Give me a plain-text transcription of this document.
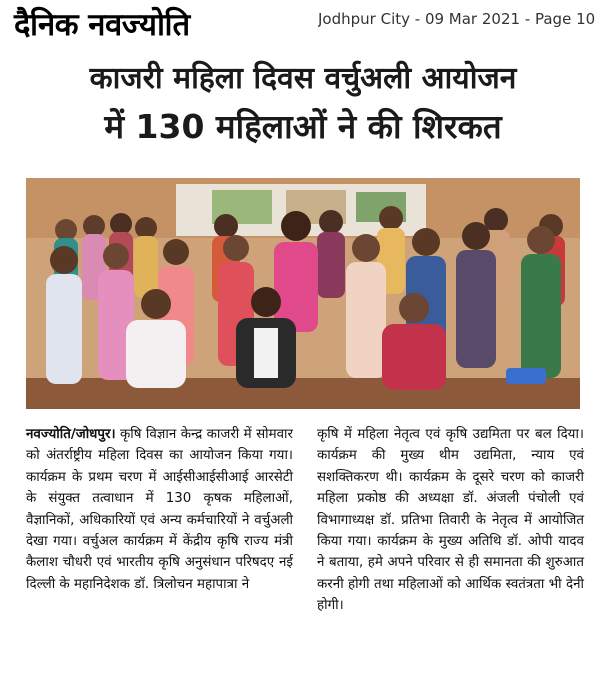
दैनिक नवज्योति	Jodhpur City - 09 Mar 2021 - Page 10
काजरी महिला दिवस वर्चुअली आयोजन
में 130 महिलाओं ने की शिरकत
नवज्योति/जोधपुर। कृषि विज्ञान केन्द्र काजरी में सोमवार को अंतर्राष्ट्रीय महिला दिवस का आयोजन किया गया। कार्यक्रम के प्रथम चरण में आईसीआईसीआई आरसेटी के संयुक्त तत्वाधान में 130 कृषक महिलाओं, वैज्ञानिकों, अधिकारियों एवं अन्य कर्मचारियों ने वर्चुअली देखा गया। वर्चुअल कार्यक्रम में केंद्रीय कृषि राज्य मंत्री कैलाश चौधरी एवं भारतीय कृषि अनुसंधान परिषदए नई दिल्ली के महानिदेशक डॉ. त्रिलोचन महापात्रा ने
कृषि में महिला नेतृत्व एवं कृषि उद्यमिता पर बल दिया। कार्यक्रम की मुख्य थीम उद्यमिता, न्याय एवं सशक्तिकरण थी। कार्यक्रम के दूसरे चरण को काजरी महिला प्रकोष्ठ की अध्यक्षा डॉ. अंजली पंचोली एवं विभागाध्यक्ष डॉ. प्रतिभा तिवारी के नेतृत्व में आयोजित किया गया। कार्यक्रम के मुख्य अतिथि डॉ. ओपी यादव ने बताया, हमे अपने परिवार से ही समानता की शुरुआत करनी होगी तथा महिलाओं को आर्थिक स्वतंत्रता भी देनी होगी।
